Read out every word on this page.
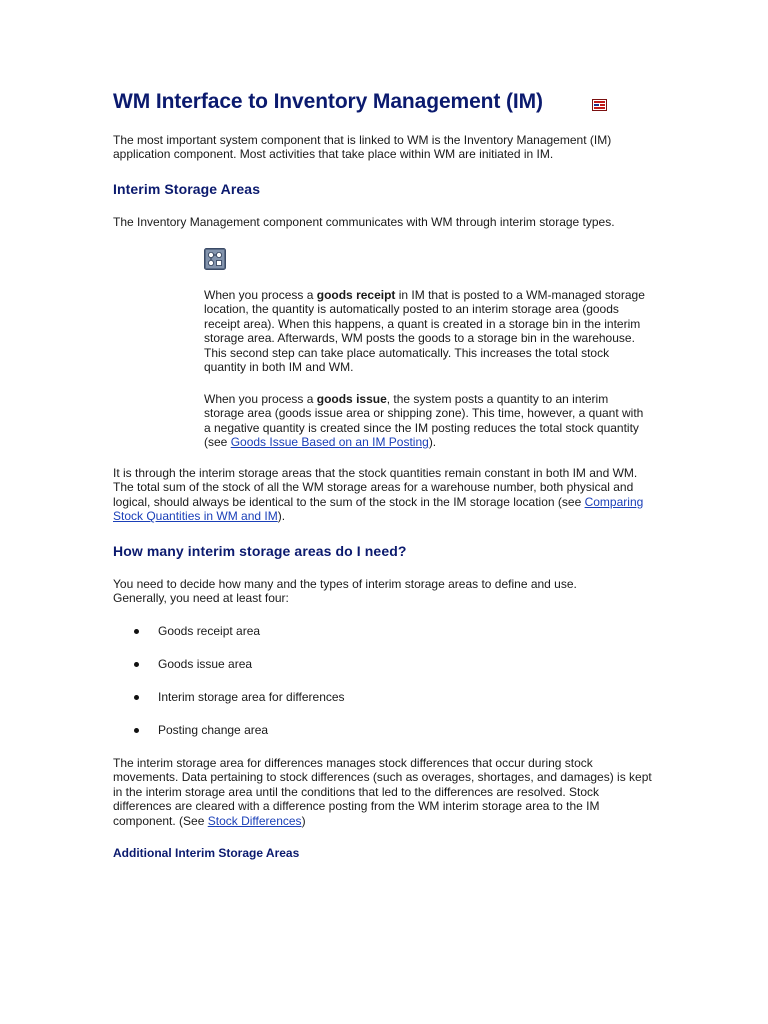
WM Interface to Inventory Management (IM)
The most important system component that is linked to WM is the Inventory Management (IM) application component. Most activities that take place within WM are initiated in IM.
Interim Storage Areas
The Inventory Management component communicates with WM through interim storage types.
When you process a goods receipt in IM that is posted to a WM-managed storage location, the quantity is automatically posted to an interim storage area (goods receipt area). When this happens, a quant is created in a storage bin in the interim storage area. Afterwards, WM posts the goods to a storage bin in the warehouse. This second step can take place automatically. This increases the total stock quantity in both IM and WM.
When you process a goods issue, the system posts a quantity to an interim storage area (goods issue area or shipping zone). This time, however, a quant with a negative quantity is created since the IM posting reduces the total stock quantity (see Goods Issue Based on an IM Posting).
It is through the interim storage areas that the stock quantities remain constant in both IM and WM. The total sum of the stock of all the WM storage areas for a warehouse number, both physical and logical, should always be identical to the sum of the stock in the IM storage location (see Comparing Stock Quantities in WM and IM).
How many interim storage areas do I need?
You need to decide how many and the types of interim storage areas to define and use. Generally, you need at least four:
Goods receipt area
Goods issue area
Interim storage area for differences
Posting change area
The interim storage area for differences manages stock differences that occur during stock movements. Data pertaining to stock differences (such as overages, shortages, and damages) is kept in the interim storage area until the conditions that led to the differences are resolved. Stock differences are cleared with a difference posting from the WM interim storage area to the IM component. (See Stock Differences)
Additional Interim Storage Areas
